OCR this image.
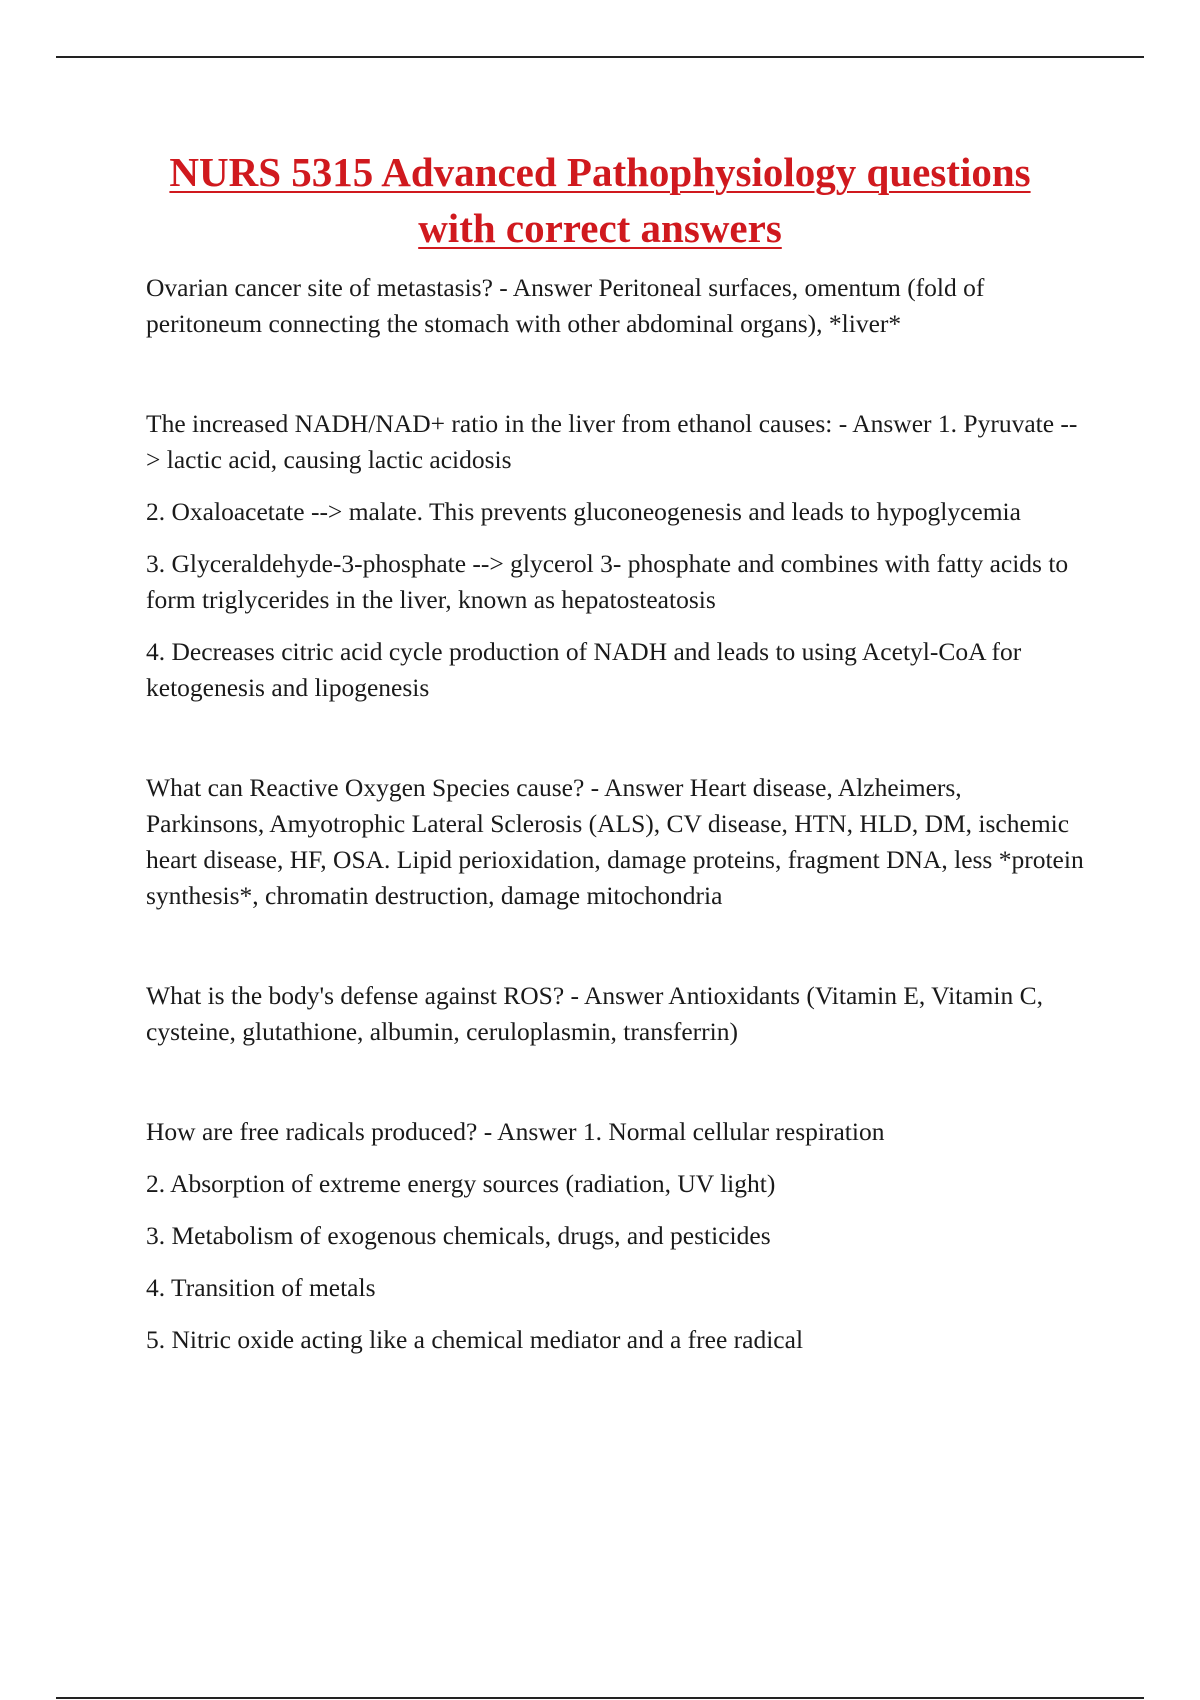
NURS 5315 Advanced Pathophysiology questions
with correct answers

Ovarian cancer site of metastasis? - Answer Peritoneal surfaces, omentum (fold of peritoneum connecting the stomach with other abdominal organs), *liver*

The increased NADH/NAD+ ratio in the liver from ethanol causes: - Answer 1. Pyruvate --> lactic acid, causing lactic acidosis

2. Oxaloacetate --> malate. This prevents gluconeogenesis and leads to hypoglycemia

3. Glyceraldehyde-3-phosphate --> glycerol 3- phosphate and combines with fatty acids to form triglycerides in the liver, known as hepatosteatosis

4. Decreases citric acid cycle production of NADH and leads to using Acetyl-CoA for ketogenesis and lipogenesis

What can Reactive Oxygen Species cause? - Answer Heart disease, Alzheimers, Parkinsons, Amyotrophic Lateral Sclerosis (ALS), CV disease, HTN, HLD, DM, ischemic heart disease, HF, OSA. Lipid perioxidation, damage proteins, fragment DNA, less *protein synthesis*, chromatin destruction, damage mitochondria

What is the body's defense against ROS? - Answer Antioxidants (Vitamin E, Vitamin C, cysteine, glutathione, albumin, ceruloplasmin, transferrin)

How are free radicals produced? - Answer 1. Normal cellular respiration

2. Absorption of extreme energy sources (radiation, UV light)

3. Metabolism of exogenous chemicals, drugs, and pesticides

4. Transition of metals

5. Nitric oxide acting like a chemical mediator and a free radical
